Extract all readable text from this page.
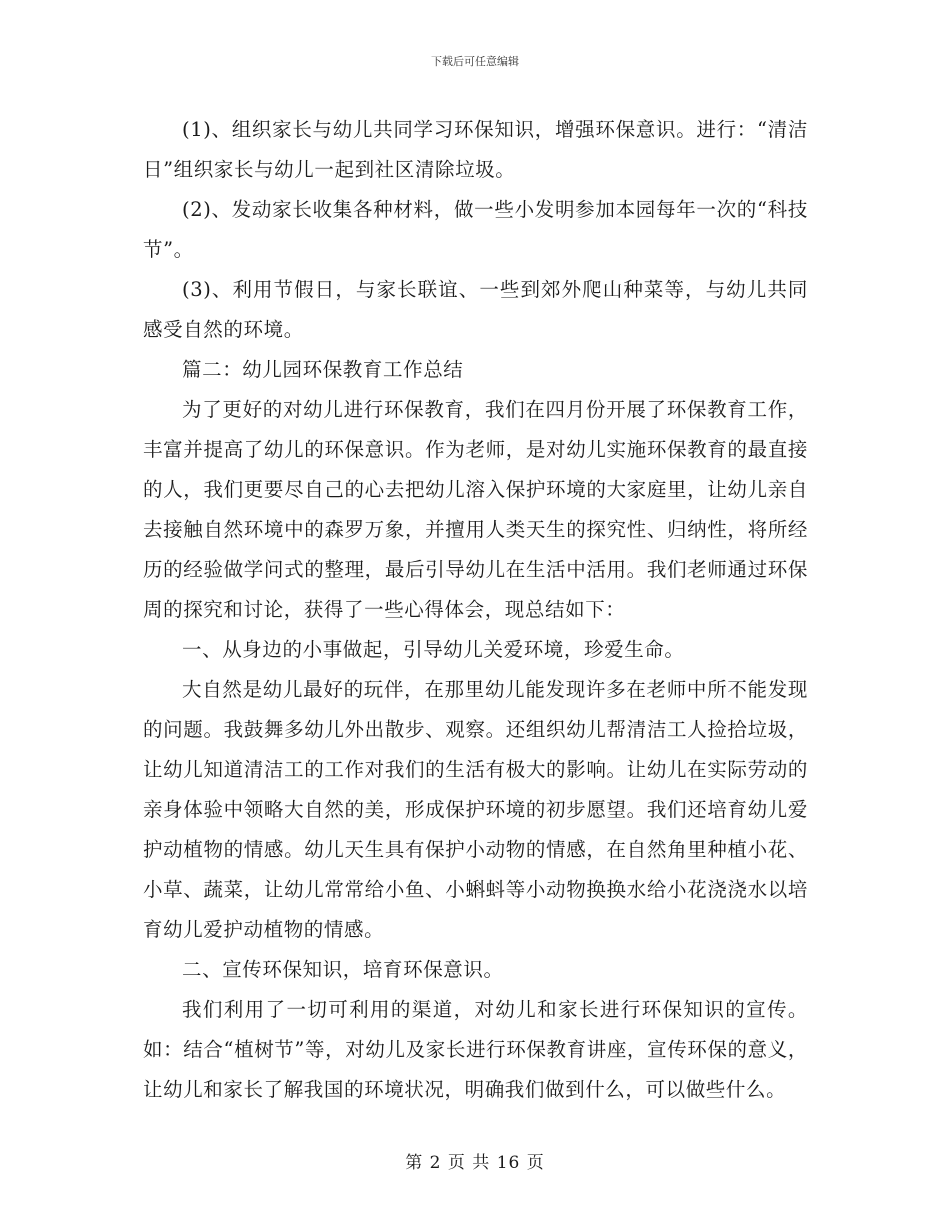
下载后可任意编辑

(1)、组织家长与幼儿共同学习环保知识，增强环保意识。进行：“清洁日”组织家长与幼儿一起到社区清除垃圾。

(2)、发动家长收集各种材料，做一些小发明参加本园每年一次的“科技节”。

(3)、利用节假日，与家长联谊、一些到郊外爬山种菜等，与幼儿共同感受自然的环境。

篇二：幼儿园环保教育工作总结

为了更好的对幼儿进行环保教育，我们在四月份开展了环保教育工作，丰富并提高了幼儿的环保意识。作为老师，是对幼儿实施环保教育的最直接的人，我们更要尽自己的心去把幼儿溶入保护环境的大家庭里，让幼儿亲自去接触自然环境中的森罗万象，并擅用人类天生的探究性、归纳性，将所经历的经验做学问式的整理，最后引导幼儿在生活中活用。我们老师通过环保周的探究和讨论，获得了一些心得体会，现总结如下：

一、从身边的小事做起，引导幼儿关爱环境，珍爱生命。

大自然是幼儿最好的玩伴，在那里幼儿能发现许多在老师中所不能发现的问题。我鼓舞多幼儿外出散步、观察。还组织幼儿帮清洁工人捡拾垃圾，让幼儿知道清洁工的工作对我们的生活有极大的影响。让幼儿在实际劳动的亲身体验中领略大自然的美，形成保护环境的初步愿望。我们还培育幼儿爱护动植物的情感。幼儿天生具有保护小动物的情感，在自然角里种植小花、小草、蔬菜，让幼儿常常给小鱼、小蝌蚪等小动物换换水给小花浇浇水以培育幼儿爱护动植物的情感。

二、宣传环保知识，培育环保意识。

我们利用了一切可利用的渠道，对幼儿和家长进行环保知识的宣传。如：结合“植树节”等，对幼儿及家长进行环保教育讲座，宣传环保的意义，让幼儿和家长了解我国的环境状况，明确我们做到什么，可以做些什么。

第 2 页 共 16 页
